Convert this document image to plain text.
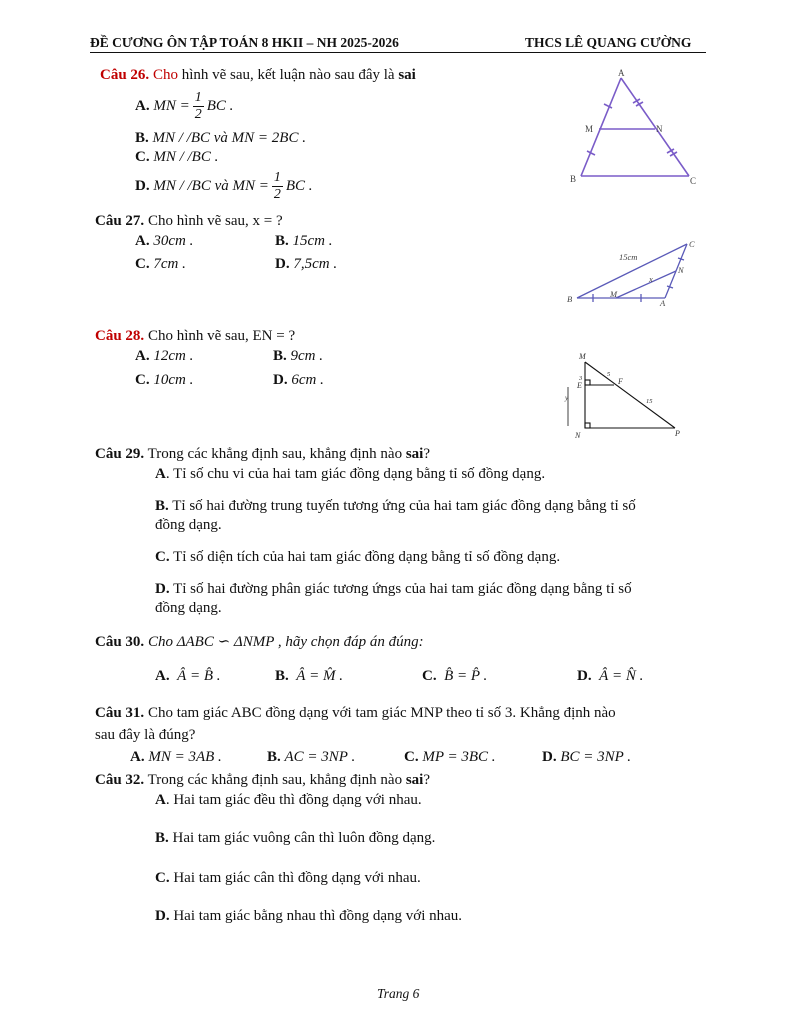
ĐỀ CƯƠNG ÔN TẬP TOÁN 8 HKII – NH 2025-2026	THCS LÊ QUANG CƯỜNG
Câu 26. Cho hình vẽ sau, kết luận nào sau đây là sai
A. MN = $\frac{1}{2}$ BC .
B. MN / /BC và MN = 2BC .
C. MN / /BC .
D. MN / /BC và MN = $\frac{1}{2}$ BC .
A
M	N
B	C
Câu 27. Cho hình vẽ sau, x = ?
A. 30cm .	B. 15cm .
C. 7cm .	D. 7,5cm .	15cm
x
B	M
A
N
C
Câu 28. Cho hình vẽ sau, EN = ?
A. 12cm .	B. 9cm .
C. 10cm .	D. 6cm .
M
E
3	F
5
15
y
N	P
Câu 29. Trong các khẳng định sau, khẳng định nào sai?
A. Tỉ số chu vi của hai tam giác đồng dạng bằng tỉ số đồng dạng.
B. Tỉ số hai đường trung tuyến tương ứng của hai tam giác đồng dạng bằng tỉ số
đồng dạng.
C. Tỉ số diện tích của hai tam giác đồng dạng bằng tỉ số đồng dạng.
D. Tỉ số hai đường phân giác tương ứngs của hai tam giác đồng dạng bằng tỉ số
đồng dạng.
Câu 30. Cho ΔABC ∽ ΔNMP , hãy chọn đáp án đúng:
A. Â = B̂ .	B. Â = M̂ .	C. B̂ = P̂ .	D. Â = N̂ .
Câu 31. Cho tam giác ABC đồng dạng với tam giác MNP theo tỉ số 3. Khẳng định nào
sau đây là đúng?
A. MN = 3AB .	B. AC = 3NP .	C. MP = 3BC .	D. BC = 3NP .
Câu 32. Trong các khẳng định sau, khẳng định nào sai?
A. Hai tam giác đều thì đồng dạng với nhau.
B. Hai tam giác vuông cân thì luôn đồng dạng.
C. Hai tam giác cân thì đồng dạng với nhau.
D. Hai tam giác bằng nhau thì đồng dạng với nhau.
Trang 6
